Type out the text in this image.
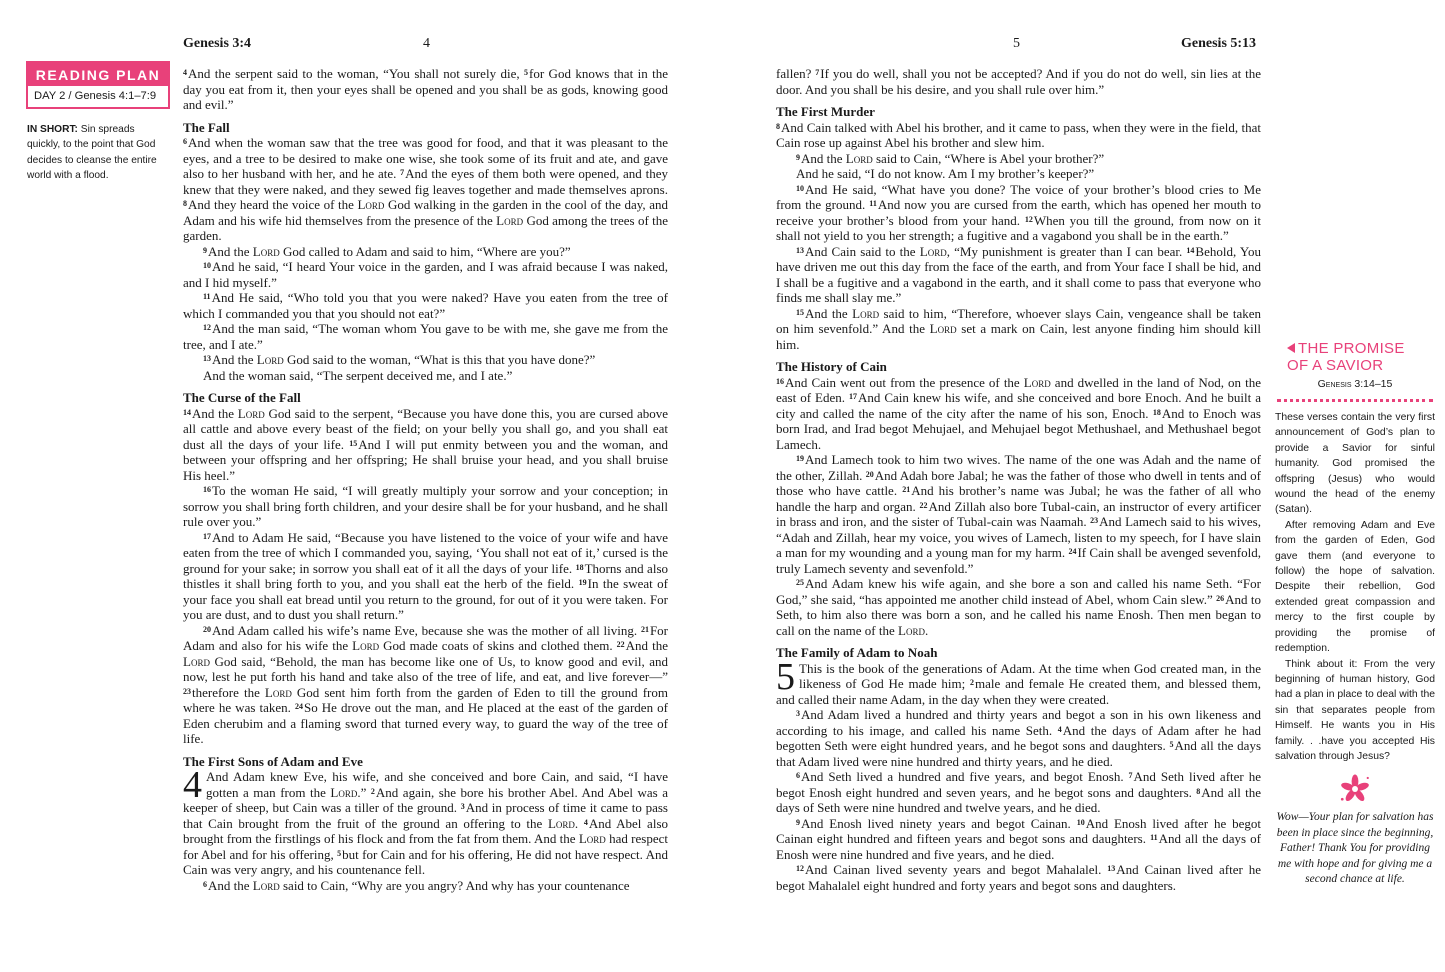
Genesis 3:4	4	5	Genesis 5:13
READING PLAN
DAY 2 / Genesis 4:1–7:9
IN SHORT: Sin spreads quickly, to the point that God decides to cleanse the entire world with a flood.

$^4$And the serpent said to the woman, “You shall not surely die, $^5$for God knows that in the day you eat from it, then your eyes shall be opened and you shall be as gods, knowing good and evil.”

The Fall

$^6$And when the woman saw that the tree was good for food, and that it was pleasant to the eyes, and a tree to be desired to make one wise, she took some of its fruit and ate, and gave also to her husband with her, and he ate. $^7$And the eyes of them both were opened, and they knew that they were naked, and they sewed fig leaves together and made themselves aprons. $^8$And they heard the voice of the Lord God walking in the garden in the cool of the day, and Adam and his wife hid themselves from the presence of the Lord God among the trees of the garden.

$^9$And the Lord God called to Adam and said to him, “Where are you?”

$^{10}$And he said, “I heard Your voice in the garden, and I was afraid because I was naked, and I hid myself.”

$^{11}$And He said, “Who told you that you were naked? Have you eaten from the tree of which I commanded you that you should not eat?”

$^{12}$And the man said, “The woman whom You gave to be with me, she gave me from the tree, and I ate.”

$^{13}$And the Lord God said to the woman, “What is this that you have done?”

And the woman said, “The serpent deceived me, and I ate.”

The Curse of the Fall

$^{14}$And the Lord God said to the serpent, “Because you have done this, you are cursed above all cattle and above every beast of the field; on your belly you shall go, and you shall eat dust all the days of your life. $^{15}$And I will put enmity between you and the woman, and between your offspring and her offspring; He shall bruise your head, and you shall bruise His heel.”

$^{16}$To the woman He said, “I will greatly multiply your sorrow and your conception; in sorrow you shall bring forth children, and your desire shall be for your husband, and he shall rule over you.”

$^{17}$And to Adam He said, “Because you have listened to the voice of your wife and have eaten from the tree of which I commanded you, saying, ‘You shall not eat of it,’ cursed is the ground for your sake; in sorrow you shall eat of it all the days of your life. $^{18}$Thorns and also thistles it shall bring forth to you, and you shall eat the herb of the field. $^{19}$In the sweat of your face you shall eat bread until you return to the ground, for out of it you were taken. For you are dust, and to dust you shall return.”

$^{20}$And Adam called his wife’s name Eve, because she was the mother of all living. $^{21}$For Adam and also for his wife the Lord God made coats of skins and clothed them. $^{22}$And the Lord God said, “Behold, the man has become like one of Us, to know good and evil, and now, lest he put forth his hand and take also of the tree of life, and eat, and live forever—” $^{23}$therefore the Lord God sent him forth from the garden of Eden to till the ground from where he was taken. $^{24}$So He drove out the man, and He placed at the east of the garden of Eden cherubim and a flaming sword that turned every way, to guard the way of the tree of life.

The First Sons of Adam and Eve

4 And Adam knew Eve, his wife, and she conceived and bore Cain, and said, “I have gotten a man from the Lord.” $^2$And again, she bore his brother Abel. And Abel was a keeper of sheep, but Cain was a tiller of the ground. $^3$And in process of time it came to pass that Cain brought from the fruit of the ground an offering to the Lord. $^4$And Abel also brought from the firstlings of his flock and from the fat from them. And the Lord had respect for Abel and for his offering, $^5$but for Cain and for his offering, He did not have respect. And Cain was very angry, and his countenance fell.

$^6$And the Lord said to Cain, “Why are you angry? And why has your countenance

fallen? $^7$If you do well, shall you not be accepted? And if you do not do well, sin lies at the door. And you shall be his desire, and you shall rule over him.”

The First Murder

$^8$And Cain talked with Abel his brother, and it came to pass, when they were in the field, that Cain rose up against Abel his brother and slew him.

$^9$And the Lord said to Cain, “Where is Abel your brother?”

And he said, “I do not know. Am I my brother’s keeper?”

$^{10}$And He said, “What have you done? The voice of your brother’s blood cries to Me from the ground. $^{11}$And now you are cursed from the earth, which has opened her mouth to receive your brother’s blood from your hand. $^{12}$When you till the ground, from now on it shall not yield to you her strength; a fugitive and a vagabond you shall be in the earth.”

$^{13}$And Cain said to the Lord, “My punishment is greater than I can bear. $^{14}$Behold, You have driven me out this day from the face of the earth, and from Your face I shall be hid, and I shall be a fugitive and a vagabond in the earth, and it shall come to pass that everyone who finds me shall slay me.”

$^{15}$And the Lord said to him, “Therefore, whoever slays Cain, vengeance shall be taken on him sevenfold.” And the Lord set a mark on Cain, lest anyone finding him should kill him.

The History of Cain

$^{16}$And Cain went out from the presence of the Lord and dwelled in the land of Nod, on the east of Eden. $^{17}$And Cain knew his wife, and she conceived and bore Enoch. And he built a city and called the name of the city after the name of his son, Enoch. $^{18}$And to Enoch was born Irad, and Irad begot Mehujael, and Mehujael begot Methushael, and Methushael begot Lamech.

$^{19}$And Lamech took to him two wives. The name of the one was Adah and the name of the other, Zillah. $^{20}$And Adah bore Jabal; he was the father of those who dwell in tents and of those who have cattle. $^{21}$And his brother’s name was Jubal; he was the father of all who handle the harp and organ. $^{22}$And Zillah also bore Tubal-cain, an instructor of every artificer in brass and iron, and the sister of Tubal-cain was Naamah. $^{23}$And Lamech said to his wives, “Adah and Zillah, hear my voice, you wives of Lamech, listen to my speech, for I have slain a man for my wounding and a young man for my harm. $^{24}$If Cain shall be avenged sevenfold, truly Lamech seventy and sevenfold.”

$^{25}$And Adam knew his wife again, and she bore a son and called his name Seth. “For God,” she said, “has appointed me another child instead of Abel, whom Cain slew.” $^{26}$And to Seth, to him also there was born a son, and he called his name Enosh. Then men began to call on the name of the Lord.

The Family of Adam to Noah

5 This is the book of the generations of Adam. At the time when God created man, in the likeness of God He made him; $^2$male and female He created them, and blessed them, and called their name Adam, in the day when they were created.

$^3$And Adam lived a hundred and thirty years and begot a son in his own likeness and according to his image, and called his name Seth. $^4$And the days of Adam after he had begotten Seth were eight hundred years, and he begot sons and daughters. $^5$And all the days that Adam lived were nine hundred and thirty years, and he died.

$^6$And Seth lived a hundred and five years, and begot Enosh. $^7$And Seth lived after he begot Enosh eight hundred and seven years, and he begot sons and daughters. $^8$And all the days of Seth were nine hundred and twelve years, and he died.

$^9$And Enosh lived ninety years and begot Cainan. $^{10}$And Enosh lived after he begot Cainan eight hundred and fifteen years and begot sons and daughters. $^{11}$And all the days of Enosh were nine hundred and five years, and he died.

$^{12}$And Cainan lived seventy years and begot Mahalalel. $^{13}$And Cainan lived after he begot Mahalalel eight hundred and forty years and begot sons and daughters.

THE PROMISE
OF A SAVIOR
Genesis 3:14–15

These verses contain the very first announcement of God’s plan to provide a Savior for sinful humanity. God promised the offspring (Jesus) who would wound the head of the enemy (Satan).

After removing Adam and Eve from the garden of Eden, God gave them (and everyone to follow) the hope of salvation. Despite their rebellion, God extended great compassion and mercy to the first couple by providing the promise of redemption.

Think about it: From the very beginning of human history, God had a plan in place to deal with the sin that separates people from Himself. He wants you in His family. . .have you accepted His salvation through Jesus?

Wow—Your plan for salvation has been in place since the beginning, Father! Thank You for providing me with hope and for giving me a second chance at life.
